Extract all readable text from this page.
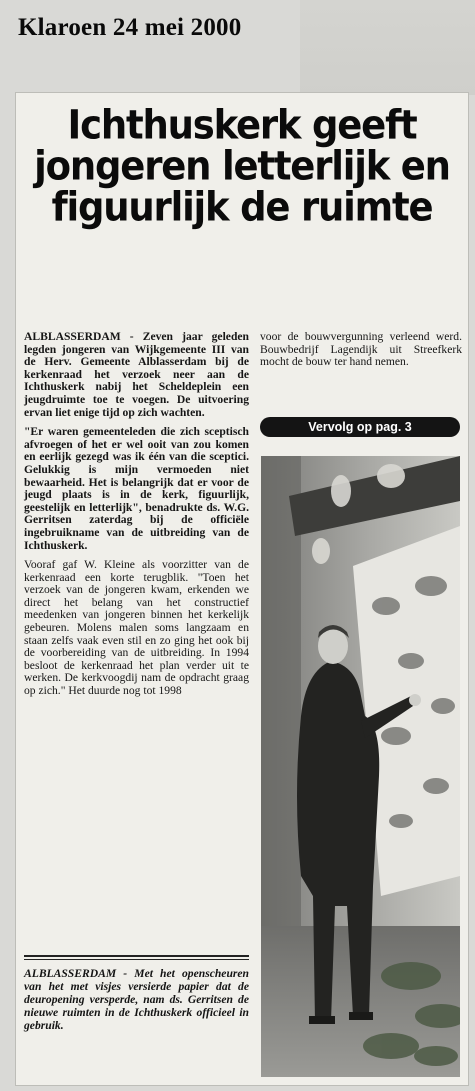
Klaroen 24 mei 2000
Ichthuskerk geeft jongeren letterlijk en figuurlijk de ruimte

ALBLASSERDAM - Zeven jaar geleden legden jongeren van Wijkgemeente III van de Herv. Gemeente Alblasserdam bij de kerkenraad het verzoek neer aan de Ichthuskerk nabij het Scheldeplein een jeugdruimte toe te voegen. De uitvoering ervan liet enige tijd op zich wachten.

"Er waren gemeenteleden die zich sceptisch afvroegen of het er wel ooit van zou komen en eerlijk gezegd was ik één van die sceptici. Gelukkig is mijn vermoeden niet bewaarheid. Het is belangrijk dat er voor de jeugd plaats is in de kerk, figuurlijk, geestelijk en letterlijk", benadrukte ds. W.G. Gerritsen zaterdag bij de officiële ingebruikname van de uitbreiding van de Ichthuskerk.

Vooraf gaf W. Kleine als voorzitter van de kerkenraad een korte terugblik. "Toen het verzoek van de jongeren kwam, erkenden we direct het belang van het constructief meedenken van jongeren binnen het kerkelijk gebeuren. Molens malen soms langzaam en staan zelfs vaak even stil en zo ging het ook bij de voorbereiding van de uitbreiding. In 1994 besloot de kerkenraad het plan verder uit te werken. De kerkvoogdij nam de opdracht graag op zich." Het duurde nog tot 1998

voor de bouwvergunning verleend werd. Bouwbedrijf Lagendijk uit Streefkerk mocht de bouw ter hand nemen.

Vervolg op pag. 3
ALBLASSERDAM - Met het openscheuren van het met visjes versierde papier dat de deuropening versperde, nam ds. Gerritsen de nieuwe ruimten in de Ichthuskerk officieel in gebruik.
